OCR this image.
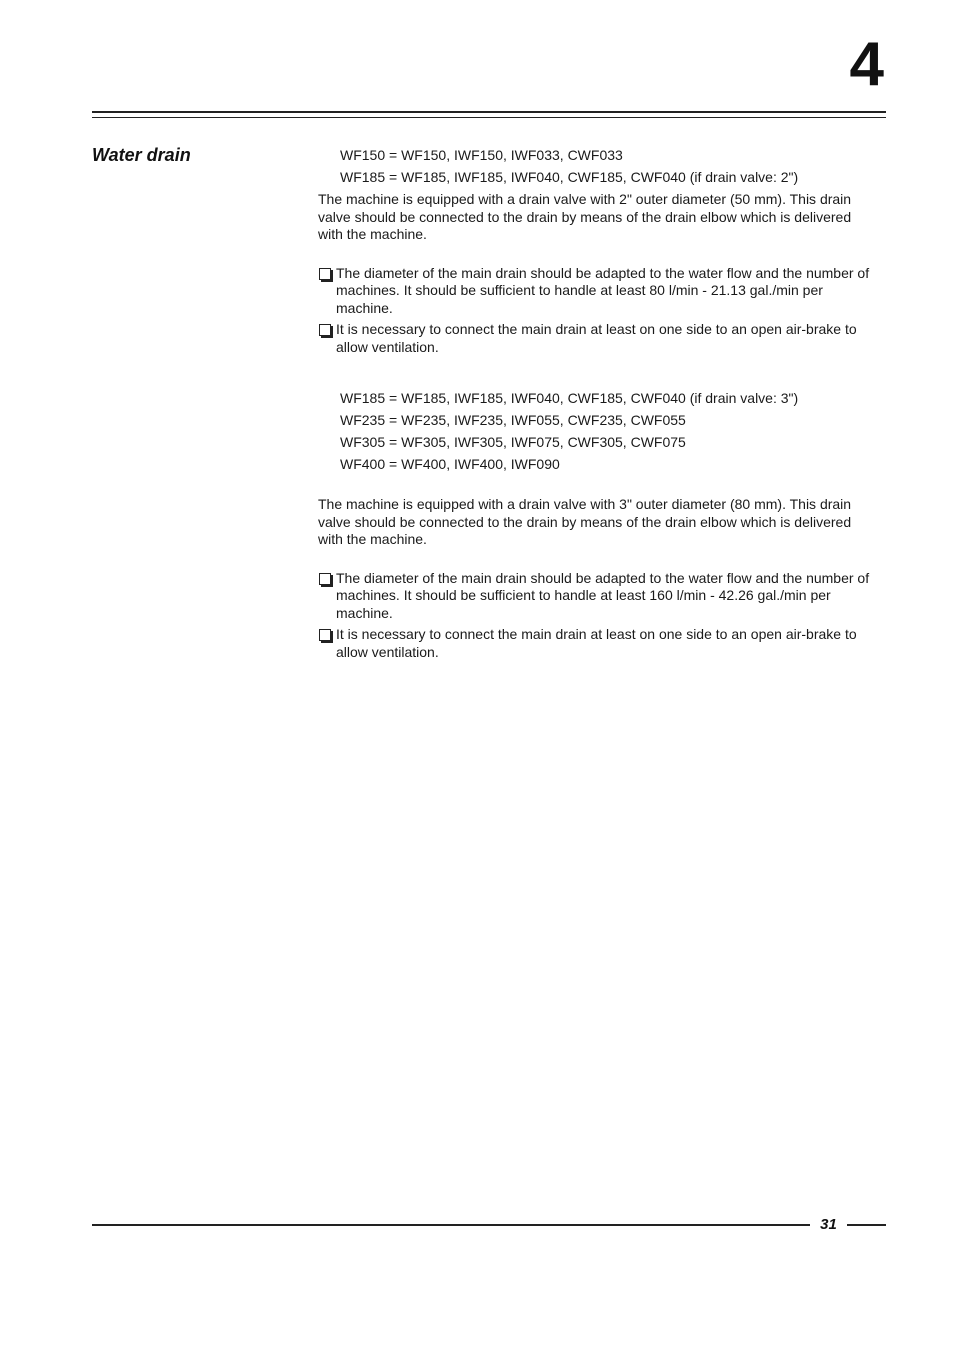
4
Water drain	WF150 = WF150, IWF150, IWF033, CWF033
WF185 = WF185, IWF185, IWF040, CWF185, CWF040 (if drain valve: 2")

The machine is equipped with a drain valve with 2" outer diameter (50 mm). This drain valve should be connected to the drain by means of the drain elbow which is delivered with the machine.

The diameter of the main drain should be adapted to the water flow and the number of machines. It should be sufficient to handle at least 80 l/min - 21.13 gal./min per machine.
It is necessary to connect the main drain at least on one side to an open air-brake to allow ventilation.
WF185 = WF185, IWF185, IWF040, CWF185, CWF040 (if drain valve: 3")
WF235 = WF235, IWF235, IWF055, CWF235, CWF055
WF305 = WF305, IWF305, IWF075, CWF305, CWF075
WF400 = WF400, IWF400, IWF090

The machine is equipped with a drain valve with 3" outer diameter (80 mm). This drain valve should be connected to the drain by means of the drain elbow which is delivered with the machine.

The diameter of the main drain should be adapted to the water flow and the number of machines. It should be sufficient to handle at least 160 l/min - 42.26 gal./min per machine.
It is necessary to connect the main drain at least on one side to an open air-brake to allow ventilation.
31
